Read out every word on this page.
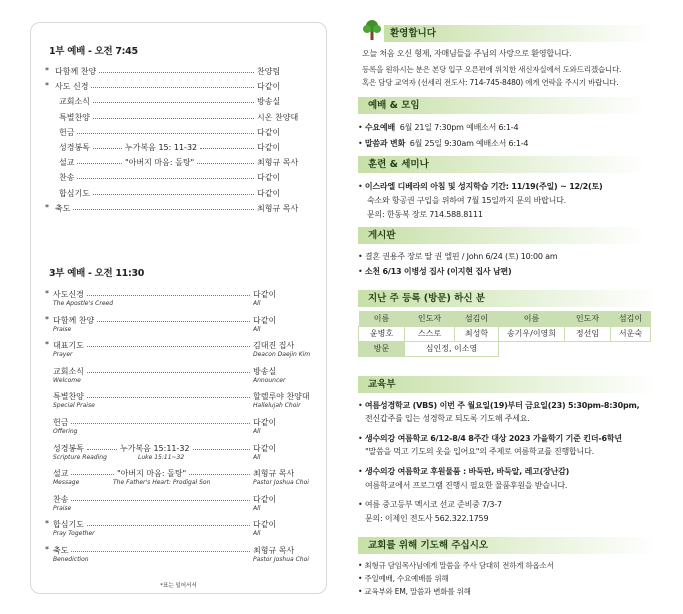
1부 예배 - 오전 7:45
* 다함께 찬양	찬양팀
* 사도 신경	다같이
교회소식	방송실
특별찬양	시온 찬양대
헌금	다같이
성경봉독	누가복음 15: 11-32	다같이
설교	"아버지 마음: 돌탕"	최형규 목사
찬송	다같이
합심기도	다같이
* 축도	최형규 목사
3부 예배 - 오전 11:30
* 사도신경	다같이
The Apostle's Creed	All
* 다함께 찬양	다같이
Praise	All
* 대표기도	김대진 집사
Prayer	Deacon Daejin Kim
교회소식	방송실
Welcome	Announcer
특별찬양	할렐루야 찬양대
Special Praise	Hallelujah Choir
헌금	다같이
Offering	All
성경봉독	누가복음 15:11-32	다같이
Scripture Reading	Luke 15:11~32	All
설교	"아버지 마음: 돌탕"	최형규 목사
Message	The Father's Heart: Prodigal Son	Pastor Joshua Choi
찬송	다같이
Praise	All
* 합심기도	다같이
Pray Together	All
* 축도	최형규 목사
Benediction	Pastor Joshua Choi
*표는 일어서서
환영합니다
오늘 처음 오신 형제, 자매님들을 주님의 사랑으로 환영합니다.
등록을 원하시는 분은 본당 입구 오른편에 위치한 새신자실에서 도와드리겠습니다.
혹은 담당 교역자 (선세리 전도사: 714-745-8480) 에게 연락을 주시기 바랍니다.
예배 & 모임
• 수요예배 6월 21일 7:30pm 예배소서 6:1-4
• 말씀과 변화 6월 25일 9:30am 예배소서 6:1-4
훈련 & 세미나
• 이스라엘 디베라의 아침 및 성지학습 기간: 11/19(주일) ~ 12/2(토)
숙소와 항공권 구입을 위하여 7월 15일까지 문의 바랍니다.
문의: 한동복 장로 714.588.8111
게시판
• 결혼 권용주 장로 딸 권 엘핀 / John 6/24 (토) 10:00 am
• 소천 6/13 이병성 집사 (이지현 집사 남편)
지난 주 등록 (방문) 하신 분
이름	인도자	섬김이	이름	인도자	섬김이
윤병호	스스로	최성학	송기우/이영희	정선임	서운숙
방문	심인정, 이소영				
교육부
• 여름성경학교 (VBS) 이번 주 월요일(19)부터 금요일(23) 5:30pm-8:30pm,
전신갑주를 입는 성경학교 되도록 기도해 주세요.
• 생수의강 여름학교 6/12-8/4 8주간 대상 2023 가을학기 기준 킨더-6학년
"말씀을 먹고 기도의 옷을 입어요"의 주제로 여름학교를 진행합니다.
• 생수의강 여름학교 후원물품 : 바둑판, 바둑알, 레고(장난감)
여름학교에서 프로그램 진행시 필요한 물품후원을 받습니다.
• 여름 중고등부 멕시코 선교 준비중 7/3-7
문의: 이제인 전도사 562.322.1759
교회를 위해 기도해 주십시오
• 최형규 담임목사님에게 말씀을 주사 담대히 전하게 하옵소서
• 주일예배, 수요예배를 위해
• 교육부와 EM, 말씀과 변화를 위해
